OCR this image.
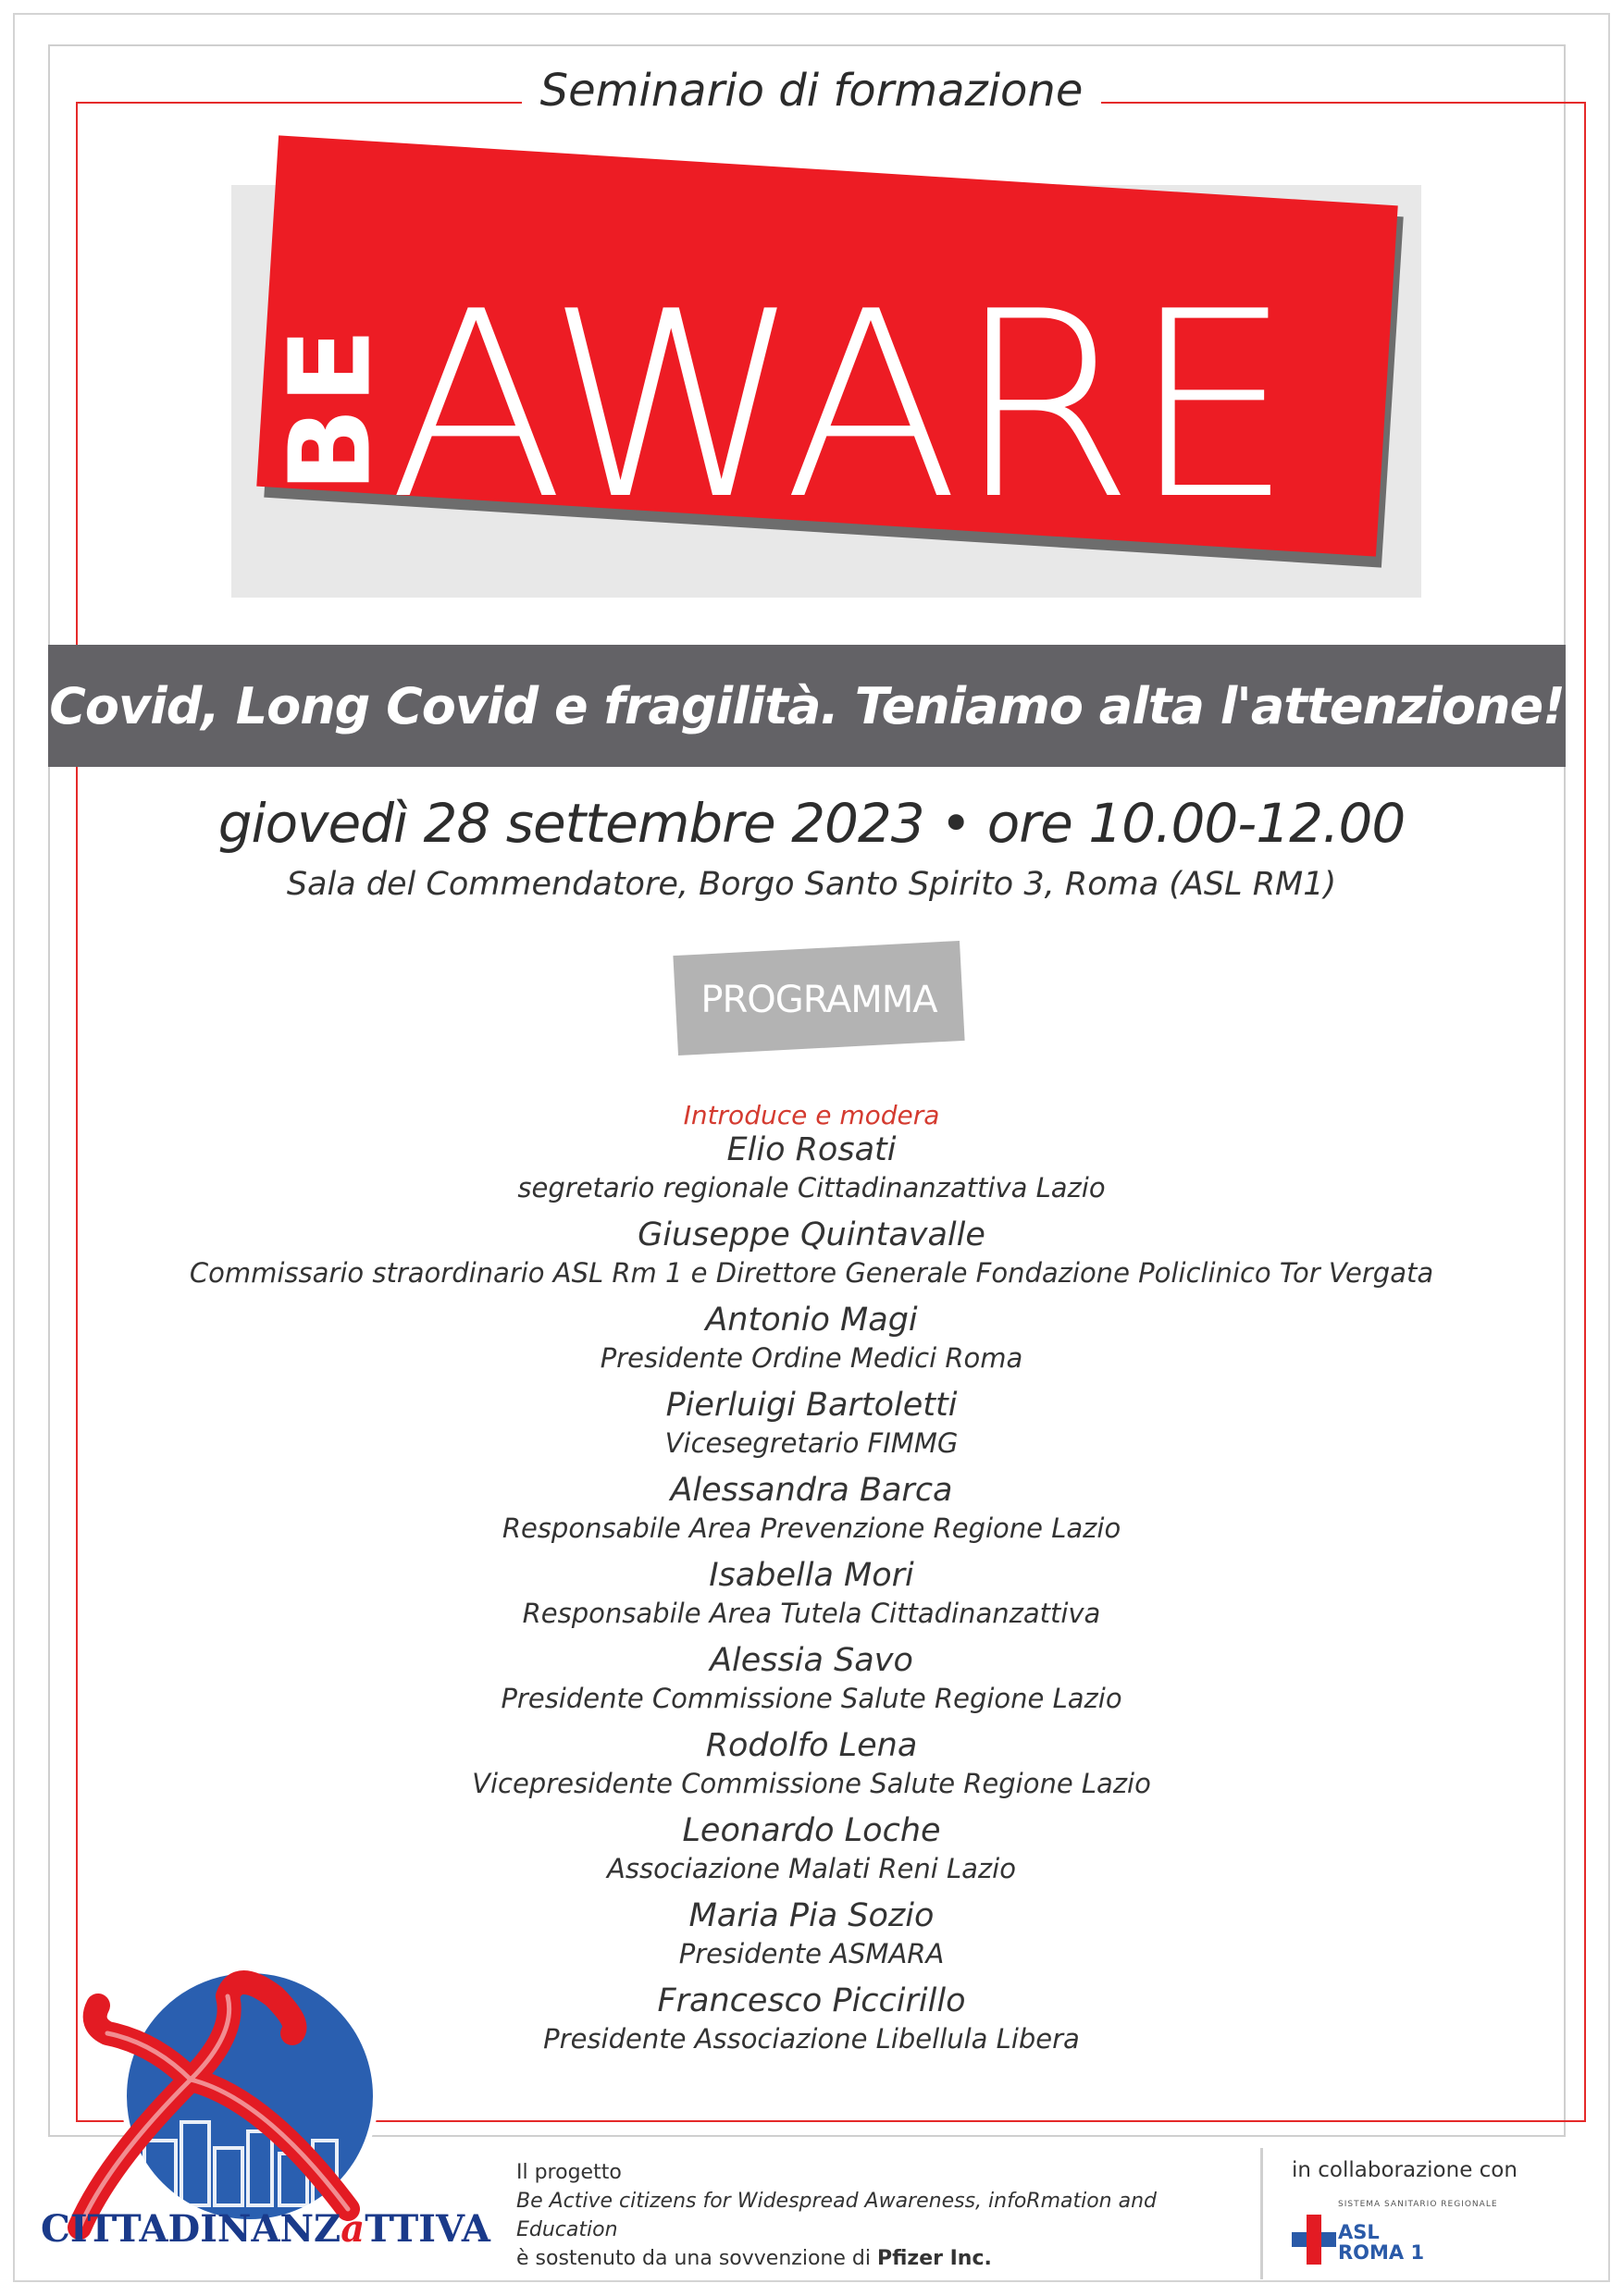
Seminario di formazione
BE
AWARE
Covid, Long Covid e fragilità. Teniamo alta l'attenzione!
giovedì 28 settembre 2023 • ore 10.00-12.00
Sala del Commendatore, Borgo Santo Spirito 3, Roma (ASL RM1)
PROGRAMMA
Introduce e modera
Elio Rosati
segretario regionale Cittadinanzattiva Lazio
Giuseppe Quintavalle
Commissario straordinario ASL Rm 1 e Direttore Generale Fondazione Policlinico Tor Vergata
Antonio Magi
Presidente Ordine Medici Roma
Pierluigi Bartoletti
Vicesegretario FIMMG
Alessandra Barca
Responsabile Area Prevenzione Regione Lazio
Isabella Mori
Responsabile Area Tutela Cittadinanzattiva
Alessia Savo
Presidente Commissione Salute Regione Lazio
Rodolfo Lena
Vicepresidente Commissione Salute Regione Lazio
Leonardo Loche
Associazione Malati Reni Lazio
Maria Pia Sozio
Presidente ASMARA
Francesco Piccirillo
Presidente Associazione Libellula Libera
CITTADINANZaTTIVA
Il progetto
Be Active citizens for Widespread Awareness, infoRmation and Education
è sostenuto da una sovvenzione di Pfizer Inc.
in collaborazione con
SISTEMA SANITARIO REGIONALE
ASL
ROMA 1
